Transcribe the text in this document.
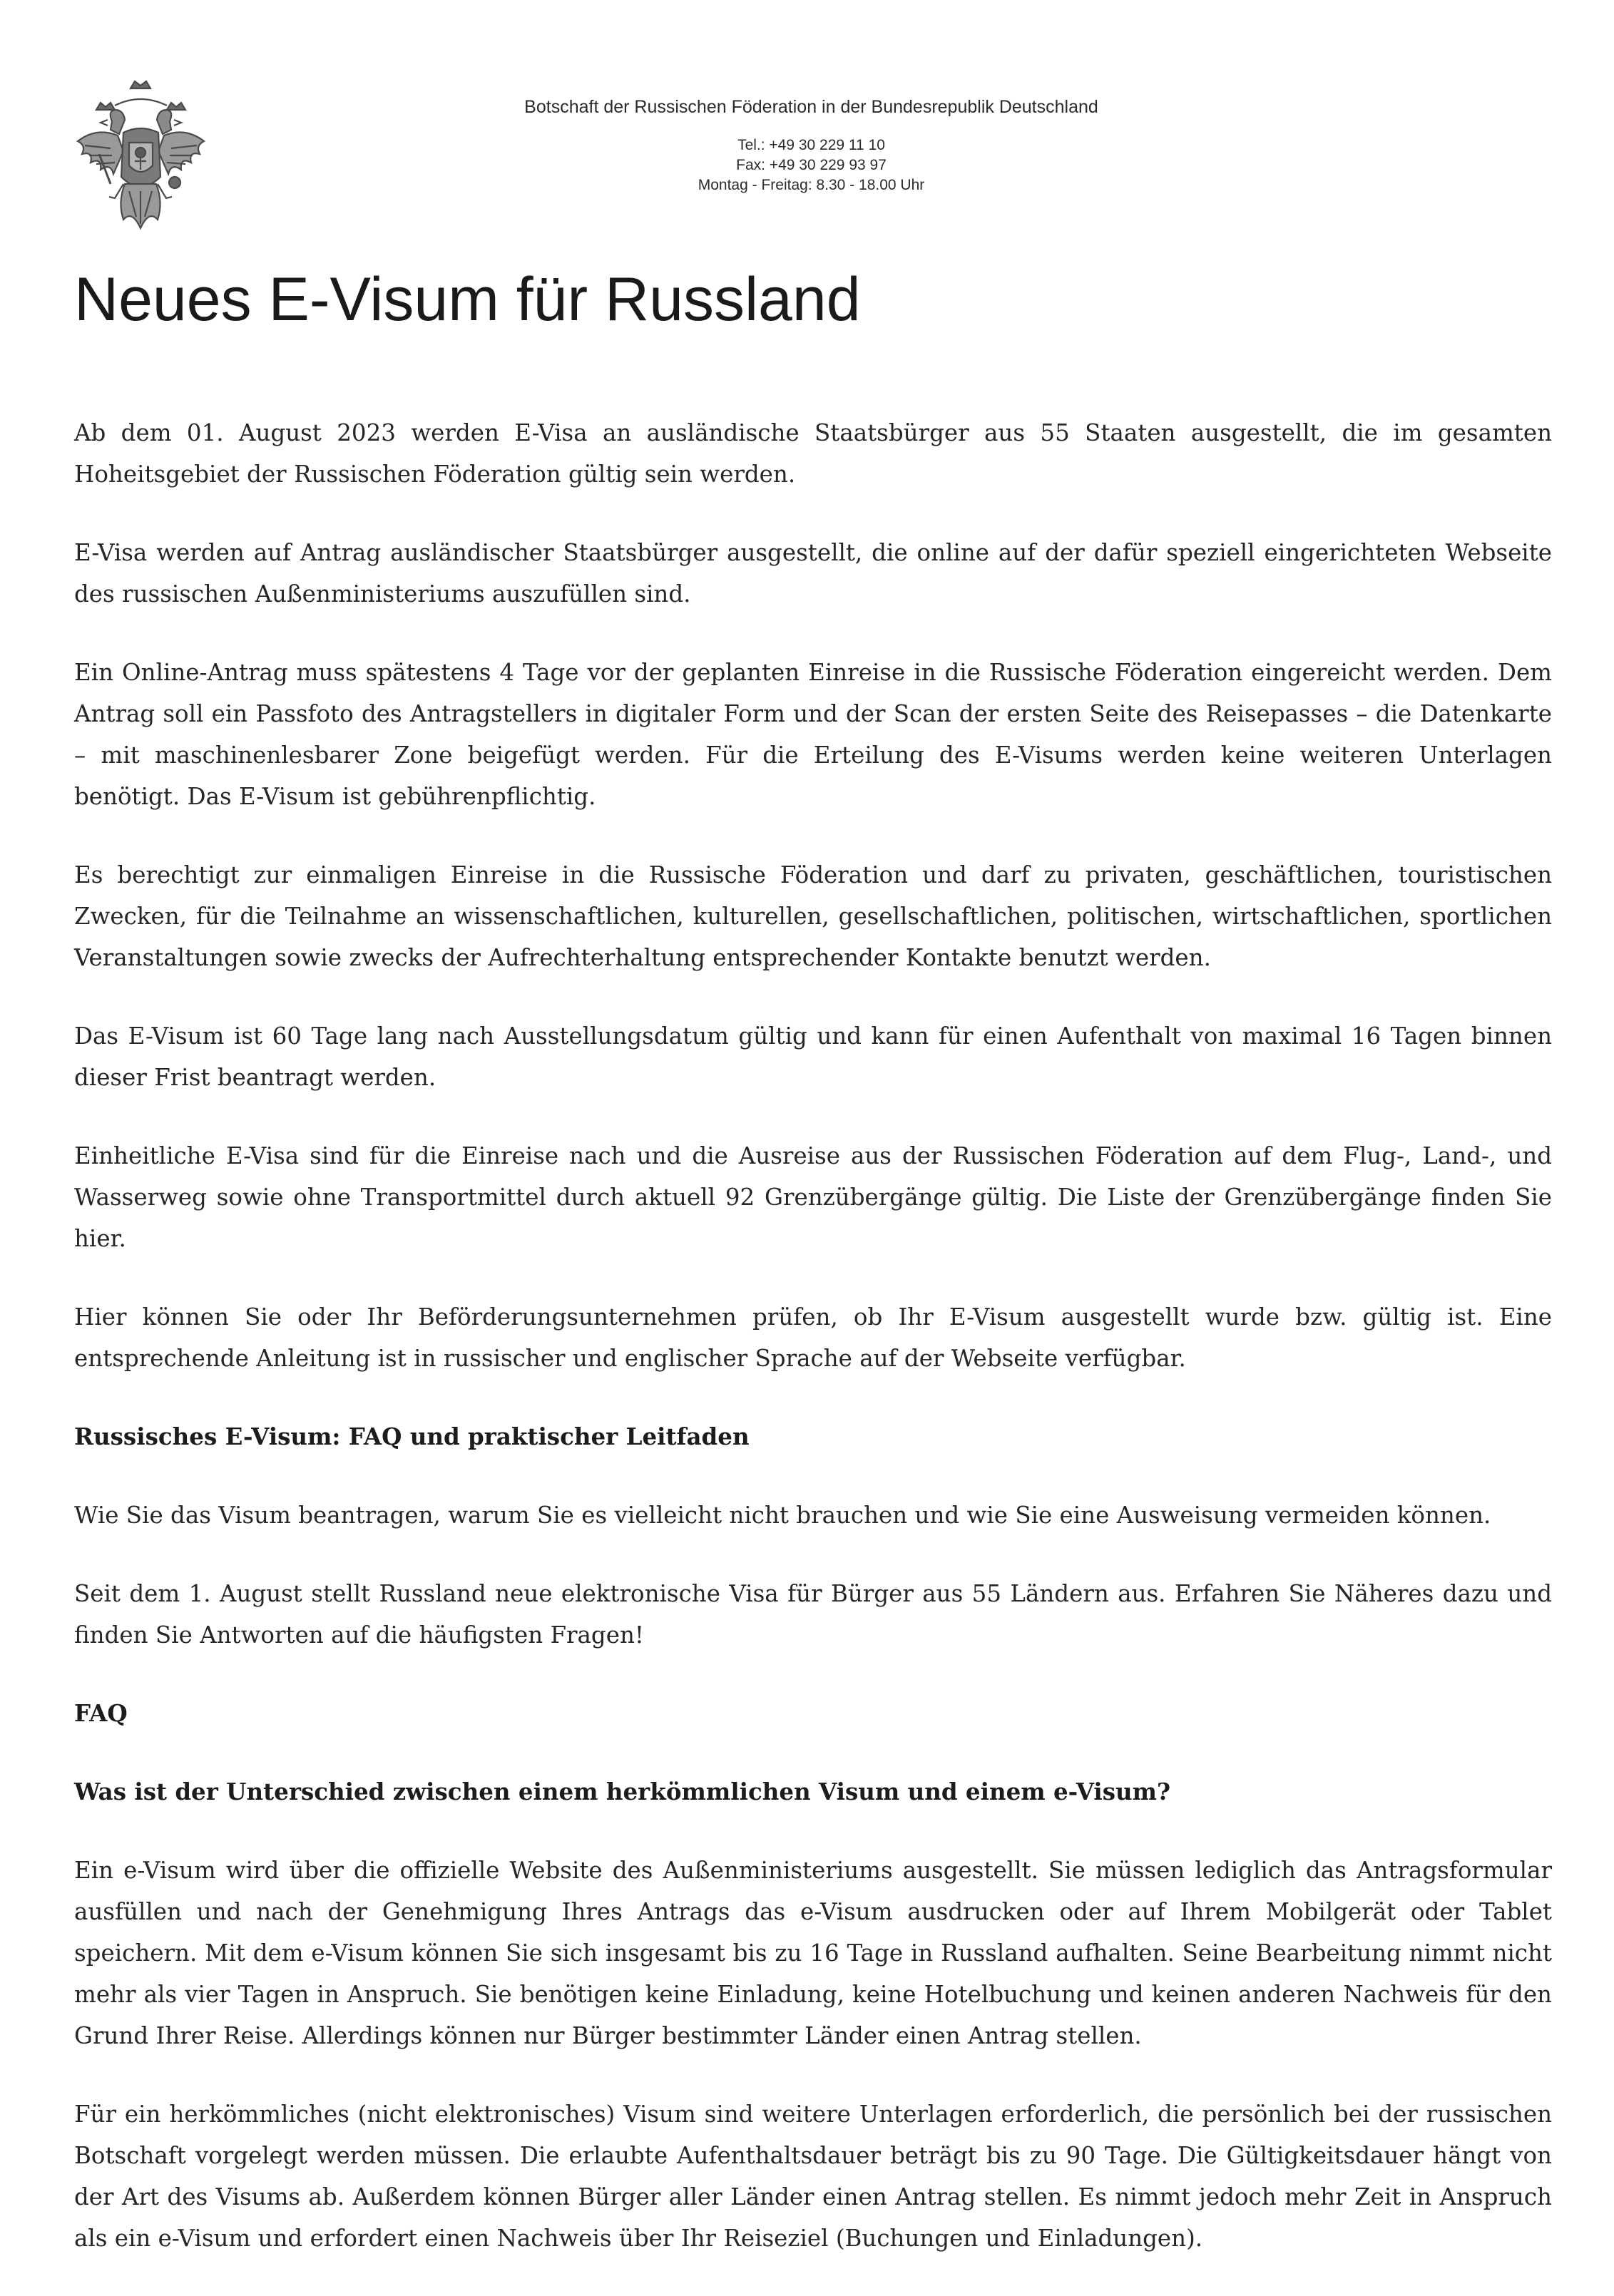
Botschaft der Russischen Föderation in der Bundesrepublik Deutschland
Tel.: +49 30 229 11 10
Fax: +49 30 229 93 97
Montag - Freitag: 8.30 - 18.00 Uhr
Neues E-Visum für Russland

Ab dem 01. August 2023 werden E-Visa an ausländische Staatsbürger aus 55 Staaten ausgestellt, die im gesamten Hoheitsgebiet der Russischen Föderation gültig sein werden.

E-Visa werden auf Antrag ausländischer Staatsbürger ausgestellt, die online auf der dafür speziell eingerichteten Webseite des russischen Außenministeriums auszufüllen sind.

Ein Online-Antrag muss spätestens 4 Tage vor der geplanten Einreise in die Russische Föderation eingereicht werden. Dem Antrag soll ein Passfoto des Antragstellers in digitaler Form und der Scan der ersten Seite des Reisepasses – die Datenkarte – mit maschinenlesbarer Zone beigefügt werden. Für die Erteilung des E-Visums werden keine weiteren Unterlagen benötigt. Das E-Visum ist gebührenpflichtig.

Es berechtigt zur einmaligen Einreise in die Russische Föderation und darf zu privaten, geschäftlichen, touristischen Zwecken, für die Teilnahme an wissenschaftlichen, kulturellen, gesellschaftlichen, politischen, wirtschaftlichen, sportlichen Veranstaltungen sowie zwecks der Aufrechterhaltung entsprechender Kontakte benutzt werden.

Das E-Visum ist 60 Tage lang nach Ausstellungsdatum gültig und kann für einen Aufenthalt von maximal 16 Tagen binnen dieser Frist beantragt werden.

Einheitliche E-Visa sind für die Einreise nach und die Ausreise aus der Russischen Föderation auf dem Flug-, Land-, und Wasserweg sowie ohne Transportmittel durch aktuell 92 Grenzübergänge gültig. Die Liste der Grenzübergänge finden Sie hier.

Hier können Sie oder Ihr Beförderungsunternehmen prüfen, ob Ihr E-Visum ausgestellt wurde bzw. gültig ist. Eine entsprechende Anleitung ist in russischer und englischer Sprache auf der Webseite verfügbar.

Russisches E-Visum: FAQ und praktischer Leitfaden

Wie Sie das Visum beantragen, warum Sie es vielleicht nicht brauchen und wie Sie eine Ausweisung vermeiden können.

Seit dem 1. August stellt Russland neue elektronische Visa für Bürger aus 55 Ländern aus. Erfahren Sie Näheres dazu und finden Sie Antworten auf die häufigsten Fragen!

FAQ
Was ist der Unterschied zwischen einem herkömmlichen Visum und einem e-Visum?

Ein e-Visum wird über die offizielle Website des Außenministeriums ausgestellt. Sie müssen lediglich das Antragsformular ausfüllen und nach der Genehmigung Ihres Antrags das e-Visum ausdrucken oder auf Ihrem Mobilgerät oder Tablet speichern. Mit dem e-Visum können Sie sich insgesamt bis zu 16 Tage in Russland aufhalten. Seine Bearbeitung nimmt nicht mehr als vier Tagen in Anspruch. Sie benötigen keine Einladung, keine Hotelbuchung und keinen anderen Nachweis für den Grund Ihrer Reise. Allerdings können nur Bürger bestimmter Länder einen Antrag stellen.

Für ein herkömmliches (nicht elektronisches) Visum sind weitere Unterlagen erforderlich, die persönlich bei der russischen Botschaft vorgelegt werden müssen. Die erlaubte Aufenthaltsdauer beträgt bis zu 90 Tage. Die Gültigkeitsdauer hängt von der Art des Visums ab. Außerdem können Bürger aller Länder einen Antrag stellen. Es nimmt jedoch mehr Zeit in Anspruch als ein e-Visum und erfordert einen Nachweis über Ihr Reiseziel (Buchungen und Einladungen).
